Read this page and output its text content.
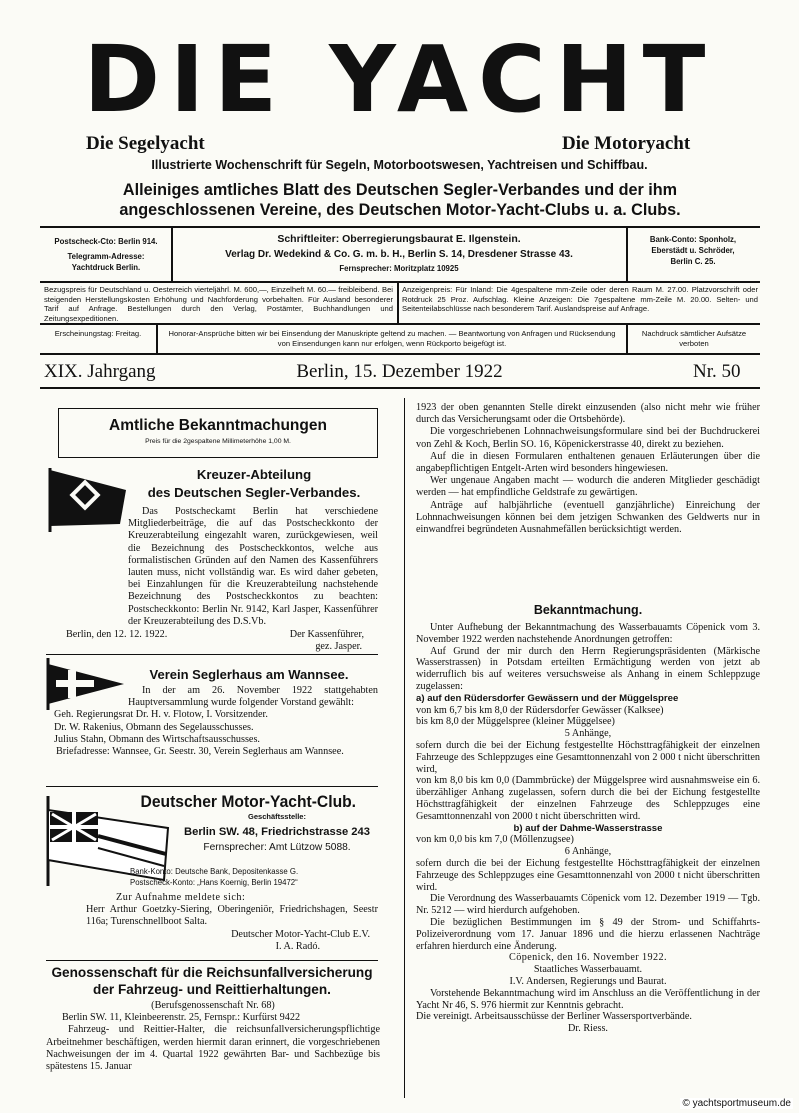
DIE YACHT
Die Segelyacht	Die Motoryacht
Illustrierte Wochenschrift für Segeln, Motorbootswesen, Yachtreisen und Schiffbau.
Alleiniges amtliches Blatt des Deutschen Segler-Verbandes und der ihm
angeschlossenen Vereine, des Deutschen Motor-Yacht-Clubs u. a. Clubs.
Postscheck-Cto: Berlin 914.
Telegramm-Adresse:
Yachtdruck Berlin.
Schriftleiter: Oberregierungsbaurat E. Ilgenstein.
Verlag Dr. Wedekind & Co. G. m. b. H., Berlin S. 14, Dresdener Strasse 43.
Fernsprecher: Moritzplatz 10925
Bank-Conto: Sponholz,
Eberstädt u. Schröder,
Berlin C. 25.
Bezugspreis für Deutschland u. Oesterreich vierteljährl. M. 600,—, Einzelheft M. 60.— freibleibend. Bei steigenden Herstellungskosten Erhöhung und Nachforderung vorbehalten. Für Ausland besonderer Tarif auf Anfrage. Bestellungen durch den Verlag, Postämter, Buchhandlungen und Zeitungsexpeditionen.
Anzeigenpreis: Für Inland: Die 4gespaltene mm-Zeile oder deren Raum M. 27.00. Platzvorschrift oder Rotdruck 25 Proz. Aufschlag. Kleine Anzeigen: Die 7gespaltene mm-Zeile M. 20.00. Selten- und Seitenteilabschlüsse nach besonderem Tarif. Auslandspreise auf Anfrage.
Erscheinungstag: Freitag.	Honorar-Ansprüche bitten wir bei Einsendung der Manuskripte geltend zu machen. — Beantwortung von Anfragen und Rücksendung von Einsendungen kann nur erfolgen, wenn Rückporto beigefügt ist.
Nachdruck sämtlicher Aufsätze verboten
XIX. Jahrgang	Berlin, 15. Dezember 1922	Nr. 50
Amtliche Bekanntmachungen
Preis für die 2gespaltene Millimeterhöhe 1,00 M.
Kreuzer-Abteilung
des Deutschen Segler-Verbandes.

Das Postscheckamt Berlin hat verschiedene Mitgliederbeiträge, die auf das Postscheckkonto der Kreuzerabteilung eingezahlt waren, zurückgewiesen, weil die Bezeichnung des Postscheckkontos, welche aus formalistischen Gründen auf den Namen des Kassenführers lauten muss, nicht vollständig war. Es wird daher gebeten, bei Einzahlungen für die Kreuzerabteilung nachstehende Bezeichnung des Postscheckkontos zu beachten: Postscheckkonto: Berlin Nr. 9142, Karl Jasper, Kassenführer der Kreuzerabteilung des D.S.Vb.

Berlin, den 12. 12. 1922.	Der Kassenführer,
gez. Jasper.
Verein Seglerhaus am Wannsee.

In der am 26. November 1922 stattgehabten Hauptversammlung wurde folgender Vorstand gewählt:

Geh. Regierungsrat Dr. H. v. Flotow, I. Vorsitzender.
Dr. W. Rakenius, Obmann des Segelausschusses.
Julius Stahn, Obmann des Wirtschaftsausschusses.

Briefadresse: Wannsee, Gr. Seestr. 30, Verein Seglerhaus am Wannsee.

Deutscher Motor-Yacht-Club.
Geschäftsstelle:
Berlin SW. 48, Friedrichstrasse 243
Fernsprecher: Amt Lützow 5088.
Bank-Konto: Deutsche Bank, Depositenkasse G.
Postscheck-Konto: „Hans Koernig, Berlin 19472“
Zur Aufnahme meldete sich:

Herr Arthur Goetzky-Siering, Oberingeniör, Friedrichshagen, Seestr 116a; Turenschnellboot Salta.

Deutscher Motor-Yacht-Club E.V.
I. A. Radó.
Genossenschaft für die Reichsunfallversicherung
der Fahrzeug- und Reittierhaltungen.
(Berufsgenossenschaft Nr. 68)
Berlin SW. 11, Kleinbeerenstr. 25, Fernspr.: Kurfürst 9422

Fahrzeug- und Reittier-Halter, die reichsunfallversicherungspflichtige Arbeitnehmer beschäftigen, werden hiermit daran erinnert, die vorgeschriebenen Nachweisungen der im 4. Quartal 1922 gewährten Bar- und Sachbezüge bis spätestens 15. Januar

1923 der oben genannten Stelle direkt einzusenden (also nicht mehr wie früher durch das Versicherungsamt oder die Ortsbehörde).

Die vorgeschriebenen Lohnnachweisungsformulare sind bei der Buchdruckerei von Zehl & Koch, Berlin SO. 16, Köpenickerstrasse 40, direkt zu beziehen.

Auf die in diesen Formularen enthaltenen genauen Erläuterungen über die angabepflichtigen Entgelt-Arten wird besonders hingewiesen.

Wer ungenaue Angaben macht — wodurch die anderen Mitglieder geschädigt werden — hat empfindliche Geldstrafe zu gewärtigen.

Anträge auf halbjährliche (eventuell ganzjährliche) Einreichung der Lohnnachweisungen können bei dem jetzigen Schwanken des Geldwerts nur in einwandfrei begründeten Ausnahmefällen berücksichtigt werden.

Bekanntmachung.

Unter Aufhebung der Bekanntmachung des Wasserbauamts Cöpenick vom 3. November 1922 werden nachstehende Anordnungen getroffen:

Auf Grund der mir durch den Herrn Regierungspräsidenten (Märkische Wasserstrassen) in Potsdam erteilten Ermächtigung werden von jetzt ab widerruflich bis auf weiteres versuchsweise als Anhang in einem Schleppzuge zugelassen:

a) auf den Rüdersdorfer Gewässern und der Müggelspree
von km 6,7 bis km 8,0 der Rüdersdorfer Gewässer (Kalksee)
bis km 8,0 der Müggelspree (kleiner Müggelsee)
5 Anhänge,

sofern durch die bei der Eichung festgestellte Höchsttragfähigkeit der einzelnen Fahrzeuge des Schleppzuges eine Gesamttonnenzahl von 2 000 t nicht überschritten wird,

von km 8,0 bis km 0,0 (Dammbrücke) der Müggelspree wird ausnahmsweise ein 6. überzähliger Anhang zugelassen, sofern durch die bei der Eichung festgestellte Höchsttragfähigkeit der einzelnen Fahrzeuge des Schleppzuges eine Gesamttonnenzahl von 2000 t nicht überschritten wird.

b) auf der Dahme-Wasserstrasse
von km 0,0 bis km 7,0 (Möllenzugsee)
6 Anhänge,

sofern durch die bei der Eichung festgestellte Höchsttragfähigkeit der einzelnen Fahrzeuge des Schleppzuges eine Gesamttonnenzahl von 2000 t nicht überschritten wird.

Die Verordnung des Wasserbauamts Cöpenick vom 12. Dezember 1919 — Tgb. Nr. 5212 — wird hierdurch aufgehoben.

Die bezüglichen Bestimmungen im § 49 der Strom- und Schiffahrts-Polizeiverordnung vom 17. Januar 1896 und die hierzu erlassenen Nachträge erfahren hierdurch eine Änderung.

Cöpenick, den 16. November 1922.
Staatliches Wasserbauamt.
I.V. Andersen, Regierungs und Baurat.

Vorstehende Bekanntmachung wird im Anschluss an die Veröffentlichung in der Yacht Nr 46, S. 976 hiermit zur Kenntnis gebracht.

Die vereinigt. Arbeitsausschüsse der Berliner Wassersportverbände.
Dr. Riess.
© yachtsportmuseum.de
